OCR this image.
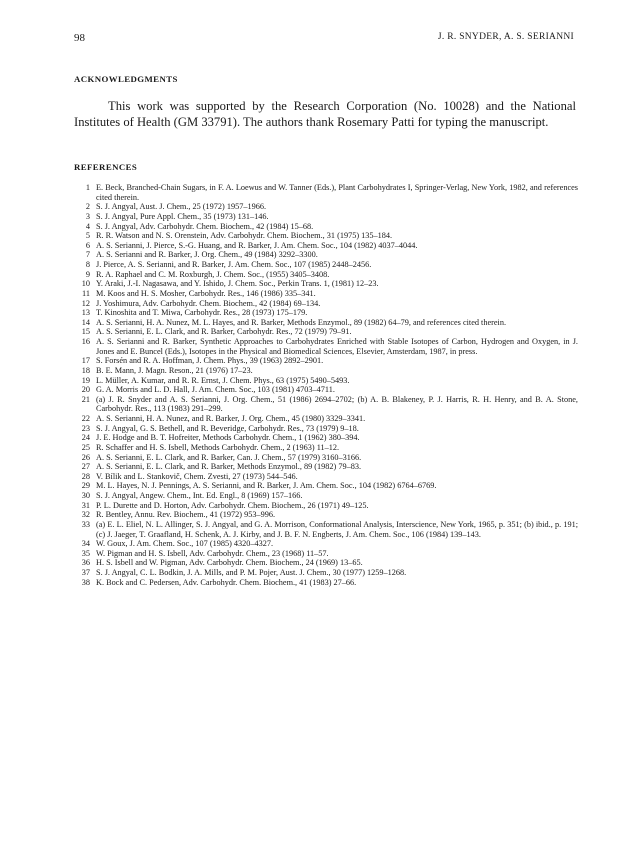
98	J. R. SNYDER, A. S. SERIANNI
ACKNOWLEDGMENTS

This work was supported by the Research Corporation (No. 10028) and the National Institutes of Health (GM 33791). The authors thank Rosemary Patti for typing the manuscript.

REFERENCES
1 E. Beck, Branched-Chain Sugars, in F. A. Loewus and W. Tanner (Eds.), Plant Carbohydrates I, Springer-Verlag, New York, 1982, and references cited therein.
2 S. J. Angyal, Aust. J. Chem., 25 (1972) 1957–1966.
3 S. J. Angyal, Pure Appl. Chem., 35 (1973) 131–146.
4 S. J. Angyal, Adv. Carbohydr. Chem. Biochem., 42 (1984) 15–68.
5 R. R. Watson and N. S. Orenstein, Adv. Carbohydr. Chem. Biochem., 31 (1975) 135–184.
6 A. S. Serianni, J. Pierce, S.-G. Huang, and R. Barker, J. Am. Chem. Soc., 104 (1982) 4037–4044.
7 A. S. Serianni and R. Barker, J. Org. Chem., 49 (1984) 3292–3300.
8 J. Pierce, A. S. Serianni, and R. Barker, J. Am. Chem. Soc., 107 (1985) 2448–2456.
9 R. A. Raphael and C. M. Roxburgh, J. Chem. Soc., (1955) 3405–3408.
10 Y. Araki, J.-I. Nagasawa, and Y. Ishido, J. Chem. Soc., Perkin Trans. 1, (1981) 12–23.
11 M. Koos and H. S. Mosher, Carbohydr. Res., 146 (1986) 335–341.
12 J. Yoshimura, Adv. Carbohydr. Chem. Biochem., 42 (1984) 69–134.
13 T. Kinoshita and T. Miwa, Carbohydr. Res., 28 (1973) 175–179.
14 A. S. Serianni, H. A. Nunez, M. L. Hayes, and R. Barker, Methods Enzymol., 89 (1982) 64–79, and references cited therein.
15 A. S. Serianni, E. L. Clark, and R. Barker, Carbohydr. Res., 72 (1979) 79–91.
16 A. S. Serianni and R. Barker, Synthetic Approaches to Carbohydrates Enriched with Stable Isotopes of Carbon, Hydrogen and Oxygen, in J. Jones and E. Buncel (Eds.), Isotopes in the Physical and Biomedical Sciences, Elsevier, Amsterdam, 1987, in press.
17 S. Forsén and R. A. Hoffman, J. Chem. Phys., 39 (1963) 2892–2901.
18 B. E. Mann, J. Magn. Reson., 21 (1976) 17–23.
19 L. Müller, A. Kumar, and R. R. Ernst, J. Chem. Phys., 63 (1975) 5490–5493.
20 G. A. Morris and L. D. Hall, J. Am. Chem. Soc., 103 (1981) 4703–4711.
21 (a) J. R. Snyder and A. S. Serianni, J. Org. Chem., 51 (1986) 2694–2702; (b) A. B. Blakeney, P. J. Harris, R. H. Henry, and B. A. Stone, Carbohydr. Res., 113 (1983) 291–299.
22 A. S. Serianni, H. A. Nunez, and R. Barker, J. Org. Chem., 45 (1980) 3329–3341.
23 S. J. Angyal, G. S. Bethell, and R. Beveridge, Carbohydr. Res., 73 (1979) 9–18.
24 J. E. Hodge and B. T. Hofreiter, Methods Carbohydr. Chem., 1 (1962) 380–394.
25 R. Schaffer and H. S. Isbell, Methods Carbohydr. Chem., 2 (1963) 11–12.
26 A. S. Serianni, E. L. Clark, and R. Barker, Can. J. Chem., 57 (1979) 3160–3166.
27 A. S. Serianni, E. L. Clark, and R. Barker, Methods Enzymol., 89 (1982) 79–83.
28 V. Bílik and L. Stankovič, Chem. Zvesti, 27 (1973) 544–546.
29 M. L. Hayes, N. J. Pennings, A. S. Serianni, and R. Barker, J. Am. Chem. Soc., 104 (1982) 6764–6769.
30 S. J. Angyal, Angew. Chem., Int. Ed. Engl., 8 (1969) 157–166.
31 P. L. Durette and D. Horton, Adv. Carbohydr. Chem. Biochem., 26 (1971) 49–125.
32 R. Bentley, Annu. Rev. Biochem., 41 (1972) 953–996.
33 (a) E. L. Eliel, N. L. Allinger, S. J. Angyal, and G. A. Morrison, Conformational Analysis, Interscience, New York, 1965, p. 351; (b) ibid., p. 191; (c) J. Jaeger, T. Graafland, H. Schenk, A. J. Kirby, and J. B. F. N. Engberts, J. Am. Chem. Soc., 106 (1984) 139–143.
34 W. Goux, J. Am. Chem. Soc., 107 (1985) 4320–4327.
35 W. Pigman and H. S. Isbell, Adv. Carbohydr. Chem., 23 (1968) 11–57.
36 H. S. Isbell and W. Pigman, Adv. Carbohydr. Chem. Biochem., 24 (1969) 13–65.
37 S. J. Angyal, C. L. Bodkin, J. A. Mills, and P. M. Pojer, Aust. J. Chem., 30 (1977) 1259–1268.
38 K. Bock and C. Pedersen, Adv. Carbohydr. Chem. Biochem., 41 (1983) 27–66.
